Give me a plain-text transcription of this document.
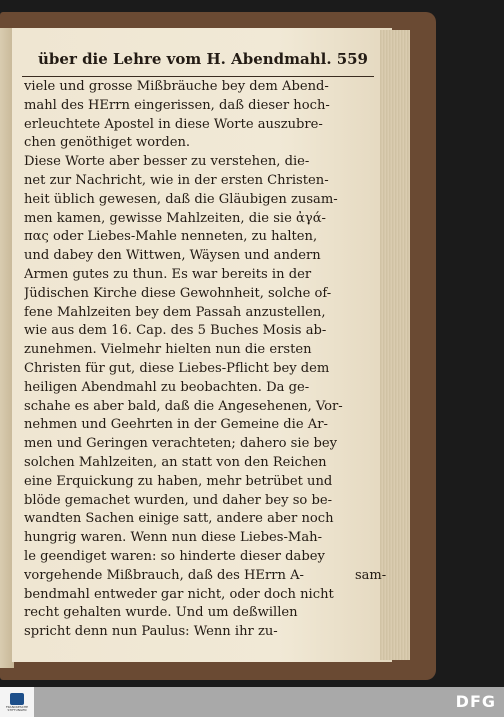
über die Lehre vom H. Abendmahl. 559
viele und grosse Mißbräuche bey dem Abend-
mahl des HErrn eingerissen, daß dieser hoch-
erleuchtete Apostel in diese Worte auszubre-
chen genöthiget worden.
Diese Worte aber besser zu verstehen, die-
net zur Nachricht, wie in der ersten Christen-
heit üblich gewesen, daß die Gläubigen zusam-
men kamen, gewisse Mahlzeiten, die sie ἀγά-
πας oder Liebes-Mahle nenneten, zu halten,
und dabey den Wittwen, Wäysen und andern
Armen gutes zu thun. Es war bereits in der
Jüdischen Kirche diese Gewohnheit, solche of-
fene Mahlzeiten bey dem Passah anzustellen,
wie aus dem 16. Cap. des 5 Buches Mosis ab-
zunehmen. Vielmehr hielten nun die ersten
Christen für gut, diese Liebes-Pflicht bey dem
heiligen Abendmahl zu beobachten. Da ge-
schahe es aber bald, daß die Angesehenen, Vor-
nehmen und Geehrten in der Gemeine die Ar-
men und Geringen verachteten; dahero sie bey
solchen Mahlzeiten, an statt von den Reichen
eine Erquickung zu haben, mehr betrübet und
blöde gemachet wurden, und daher bey so be-
wandten Sachen einige satt, andere aber noch
hungrig waren. Wenn nun diese Liebes-Mah-
le geendiget waren: so hinderte dieser dabey
vorgehende Mißbrauch, daß des HErrn A-
bendmahl entweder gar nicht, oder doch nicht
recht gehalten wurde. Und um deßwillen
spricht denn nun Paulus: Wenn ihr zu-
sam-
FRANCKESCHE STIFTUNGEN	DFG
